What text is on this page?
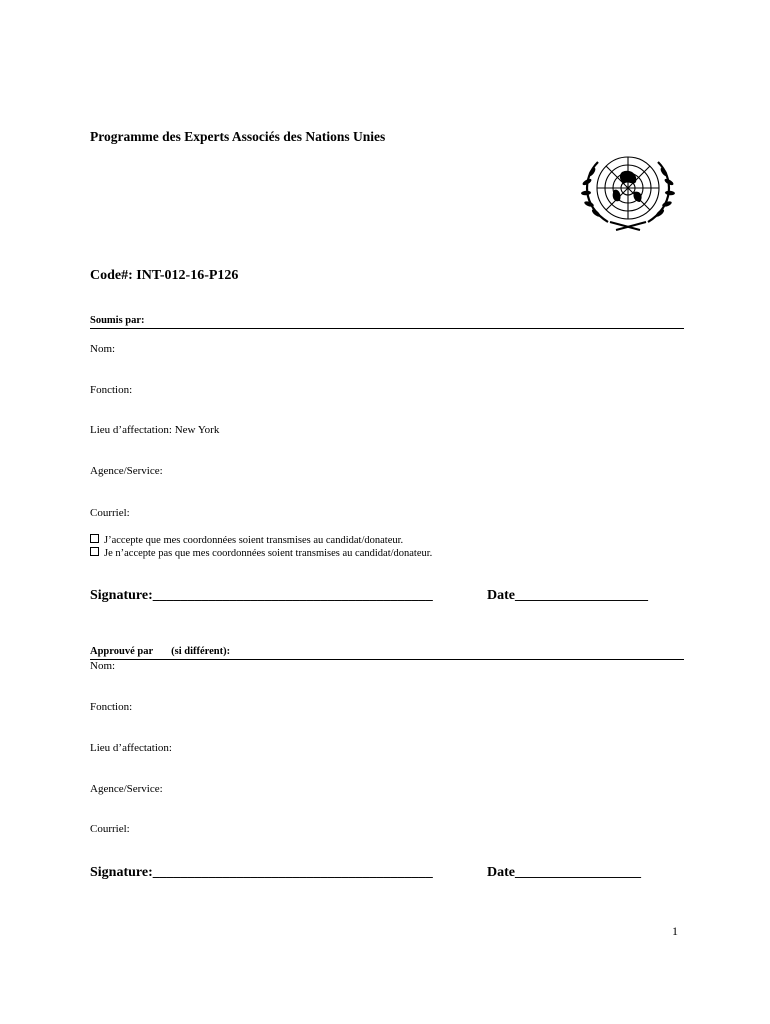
Programme des Experts Associés des Nations Unies
Code#: INT-012-16-P126
Soumis par:
Nom:
Fonction:
Lieu d’affectation: New York
Agence/Service:
Courriel:
J’accepte que mes coordonnées soient transmises au candidat/donateur.
Je n’accepte pas que mes coordonnées soient transmises au candidat/donateur.
Signature:________________________________________	Date___________________
Approuvé par (si différent):
Nom:
Fonction:
Lieu d’affectation:
Agence/Service:
Courriel:
Signature:________________________________________	Date__________________
1
